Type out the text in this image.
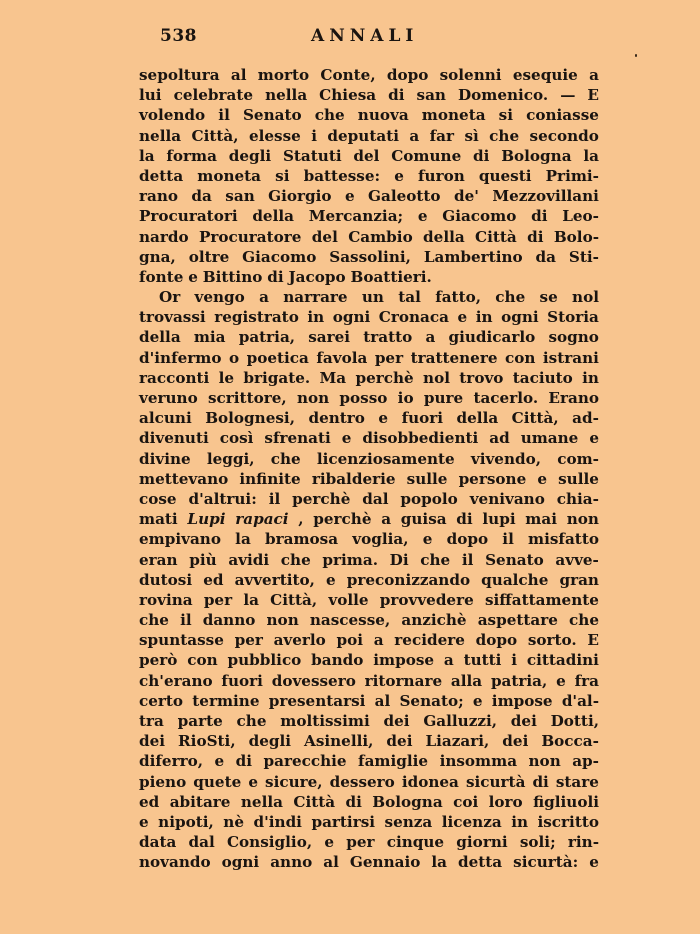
538	ANNALI
sepoltura al morto Conte, dopo solenni esequie a
lui celebrate nella Chiesa di san Domenico. — E
volendo il Senato che nuova moneta si coniasse
nella Città, elesse i deputati a far sì che secondo
la forma degli Statuti del Comune di Bologna la
detta moneta si battesse: e furon questi Primi-
rano da san Giorgio e Galeotto de' Mezzovillani
Procuratori della Mercanzia; e Giacomo di Leo-
nardo Procuratore del Cambio della Città di Bolo-
gna, oltre Giacomo Sassolini, Lambertino da Sti-
fonte e Bittino di Jacopo Boattieri.
Or vengo a narrare un tal fatto, che se nol
trovassi registrato in ogni Cronaca e in ogni Storia
della mia patria, sarei tratto a giudicarlo sogno
d'infermo o poetica favola per trattenere con istrani
racconti le brigate. Ma perchè nol trovo taciuto in
veruno scrittore, non posso io pure tacerlo. Erano
alcuni Bolognesi, dentro e fuori della Città, ad-
divenuti così sfrenati e disobbedienti ad umane e
divine leggi, che licenziosamente vivendo, com-
mettevano infinite ribalderie sulle persone e sulle
cose d'altrui: il perchè dal popolo venivano chia-
mati Lupi rapaci , perchè a guisa di lupi mai non
empivano la bramosa voglia, e dopo il misfatto
eran più avidi che prima. Di che il Senato avve-
dutosi ed avvertito, e preconizzando qualche gran
rovina per la Città, volle provvedere siffattamente
che il danno non nascesse, anzichè aspettare che
spuntasse per averlo poi a recidere dopo sorto. E
però con pubblico bando impose a tutti i cittadini
ch'erano fuori dovessero ritornare alla patria, e fra
certo termine presentarsi al Senato; e impose d'al-
tra parte che moltissimi dei Galluzzi, dei Dotti,
dei RioSti, degli Asinelli, dei Liazari, dei Bocca-
diferro, e di parecchie famiglie insomma non ap-
pieno quete e sicure, dessero idonea sicurtà di stare
ed abitare nella Città di Bologna coi loro figliuoli
e nipoti, nè d'indi partirsi senza licenza in iscritto
data dal Consiglio, e per cinque giorni soli; rin-
novando ogni anno al Gennaio la detta sicurtà: e
